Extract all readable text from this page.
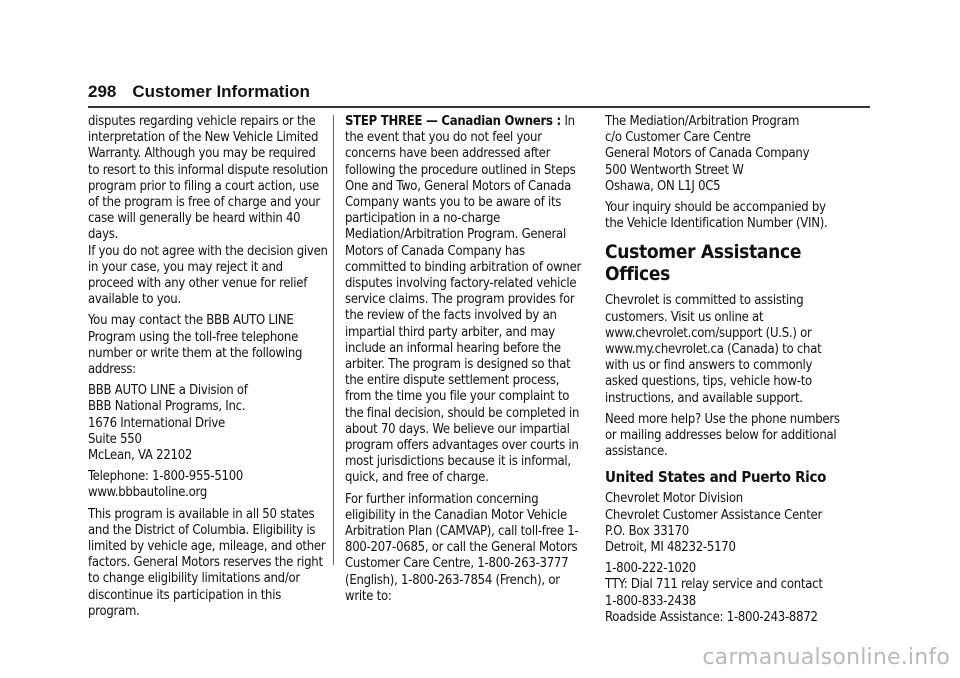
298 Customer Information

disputes regarding vehicle repairs or the interpretation of the New Vehicle Limited Warranty. Although you may be required to resort to this informal dispute resolution program prior to filing a court action, use of the program is free of charge and your case will generally be heard within 40 days.
If you do not agree with the decision given in your case, you may reject it and proceed with any other venue for relief available to you.

You may contact the BBB AUTO LINE Program using the toll-free telephone number or write them at the following address:

BBB AUTO LINE a Division of
BBB National Programs, Inc.
1676 International Drive
Suite 550
McLean, VA 22102

Telephone: 1-800-955-5100
www.bbbautoline.org

This program is available in all 50 states and the District of Columbia. Eligibility is limited by vehicle age, mileage, and other factors. General Motors reserves the right to change eligibility limitations and/or discontinue its participation in this program.

STEP THREE — Canadian Owners : In the event that you do not feel your concerns have been addressed after following the procedure outlined in Steps One and Two, General Motors of Canada Company wants you to be aware of its participation in a no-charge Mediation/Arbitration Program. General Motors of Canada Company has committed to binding arbitration of owner disputes involving factory-related vehicle service claims. The program provides for the review of the facts involved by an impartial third party arbiter, and may include an informal hearing before the arbiter. The program is designed so that the entire dispute settlement process, from the time you file your complaint to the final decision, should be completed in about 70 days. We believe our impartial program offers advantages over courts in most jurisdictions because it is informal, quick, and free of charge.

For further information concerning eligibility in the Canadian Motor Vehicle Arbitration Plan (CAMVAP), call toll-free 1-800-207-0685, or call the General Motors Customer Care Centre, 1-800-263-3777 (English), 1-800-263-7854 (French), or write to:

The Mediation/Arbitration Program
c/o Customer Care Centre
General Motors of Canada Company
500 Wentworth Street W
Oshawa, ON L1J 0C5

Your inquiry should be accompanied by the Vehicle Identification Number (VIN).

Customer Assistance Offices

Chevrolet is committed to assisting customers. Visit us online at www.chevrolet.com/support (U.S.) or www.my.chevrolet.ca (Canada) to chat with us or find answers to commonly asked questions, tips, vehicle how-to instructions, and available support.

Need more help? Use the phone numbers or mailing addresses below for additional assistance.

United States and Puerto Rico

Chevrolet Motor Division
Chevrolet Customer Assistance Center
P.O. Box 33170
Detroit, MI 48232-5170

1-800-222-1020
TTY: Dial 711 relay service and contact
1-800-833-2438
Roadside Assistance: 1-800-243-8872

carmanualsonline.info
